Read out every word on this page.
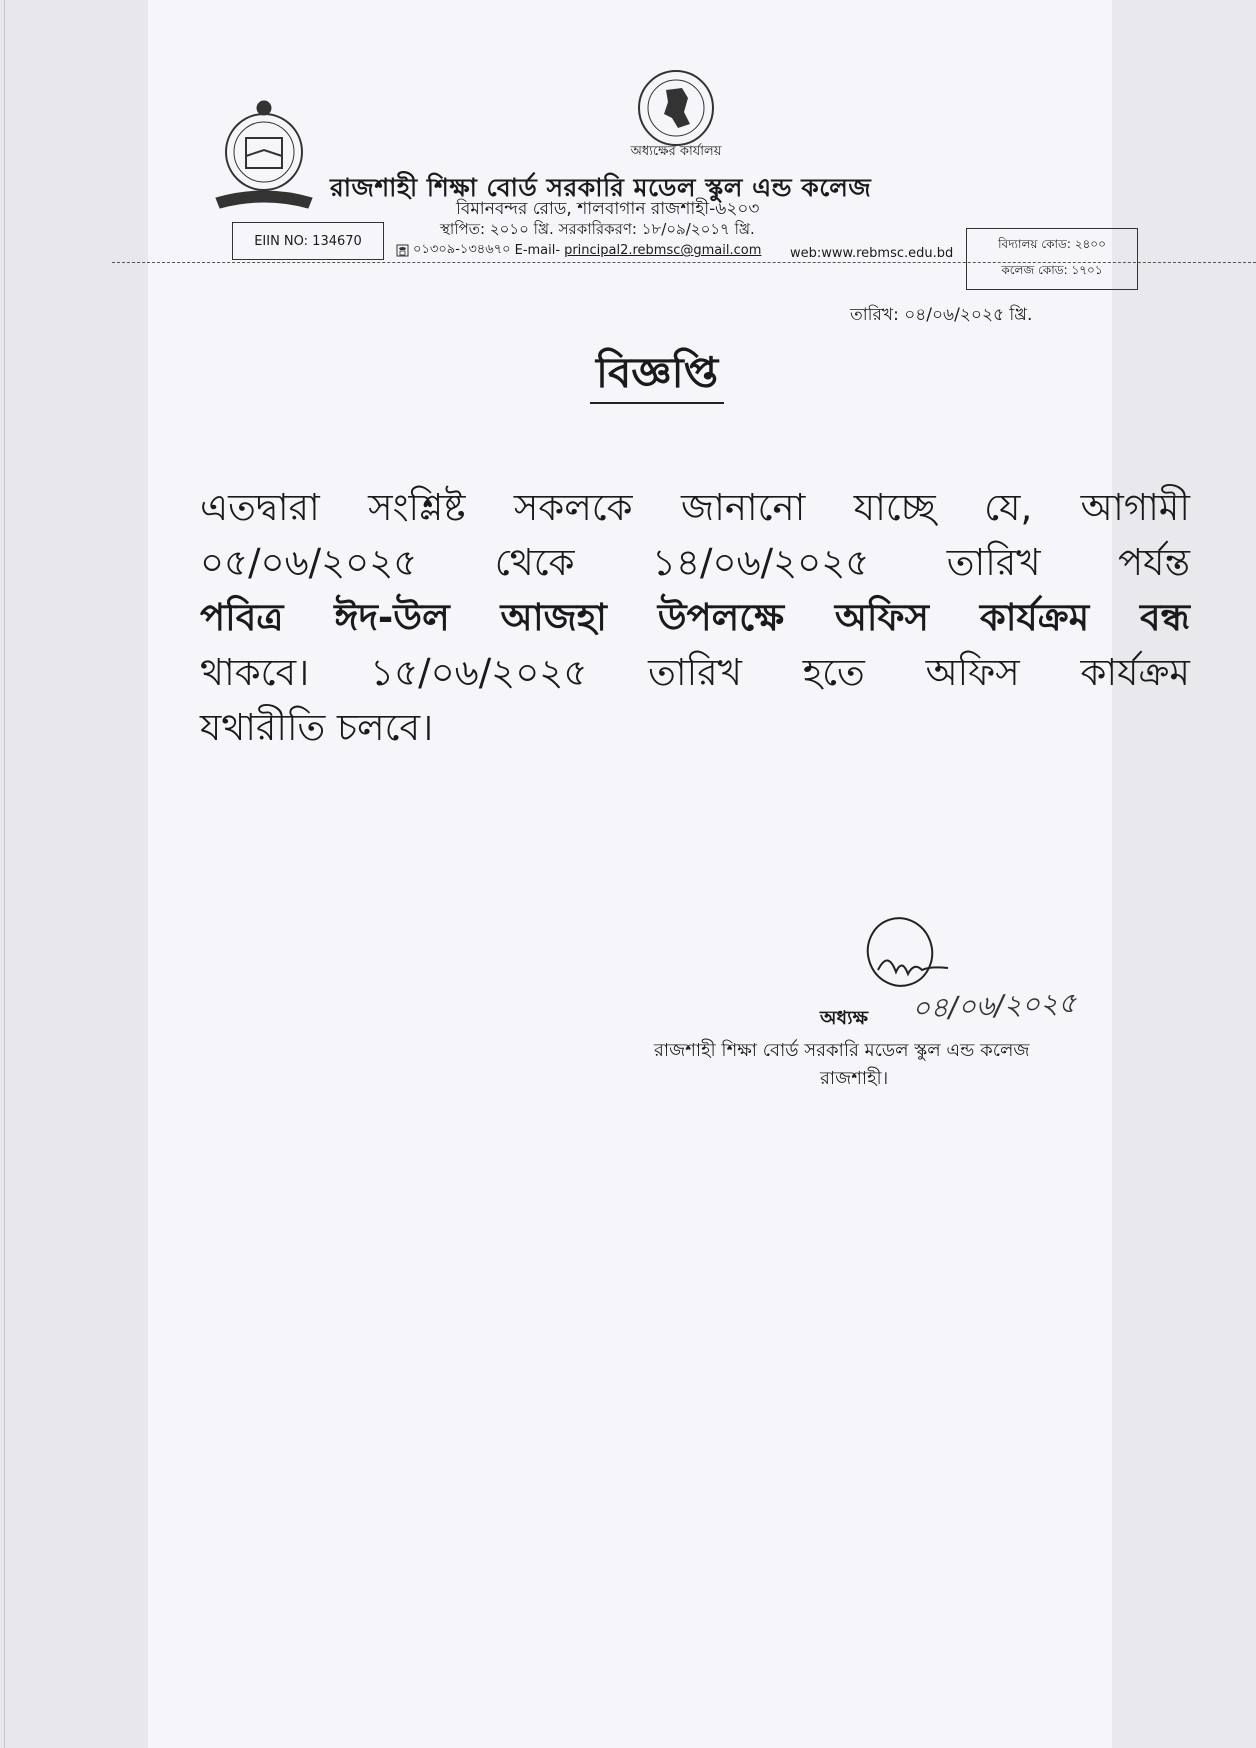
অধ্যক্ষের কার্যালয়
রাজশাহী শিক্ষা বোর্ড সরকারি মডেল স্কুল এন্ড কলেজ
বিমানবন্দর রোড, শালবাগান রাজশাহী-৬২০৩
স্থাপিত: ২০১০ খ্রি. সরকারিকরণ: ১৮/০৯/২০১৭ খ্রি.
০১৩০৯-১৩৪৬৭০ E-mail- principal2.rebmsc@gmail.com web:www.rebmsc.edu.bd
EIIN NO: 134670	বিদ্যালয় কোড: ২৪০০
কলেজ কোড: ১৭০১
তারিখ: ০৪/০৬/২০২৫ খ্রি.
বিজ্ঞপ্তি
এতদ্বারা সংশ্লিষ্ট সকলকে জানানো যাচ্ছে যে, আগামী
০৫/০৬/২০২৫ থেকে ১৪/০৬/২০২৫ তারিখ পর্যন্ত
পবিত্র ঈদ-উল আজহা উপলক্ষে অফিস কার্যক্রম বন্ধ
থাকবে। ১৫/০৬/২০২৫ তারিখ হতে অফিস কার্যক্রম
যথারীতি চলবে।
০৪/০৬/২০২৫
অধ্যক্ষ
রাজশাহী শিক্ষা বোর্ড সরকারি মডেল স্কুল এন্ড কলেজ
রাজশাহী।
